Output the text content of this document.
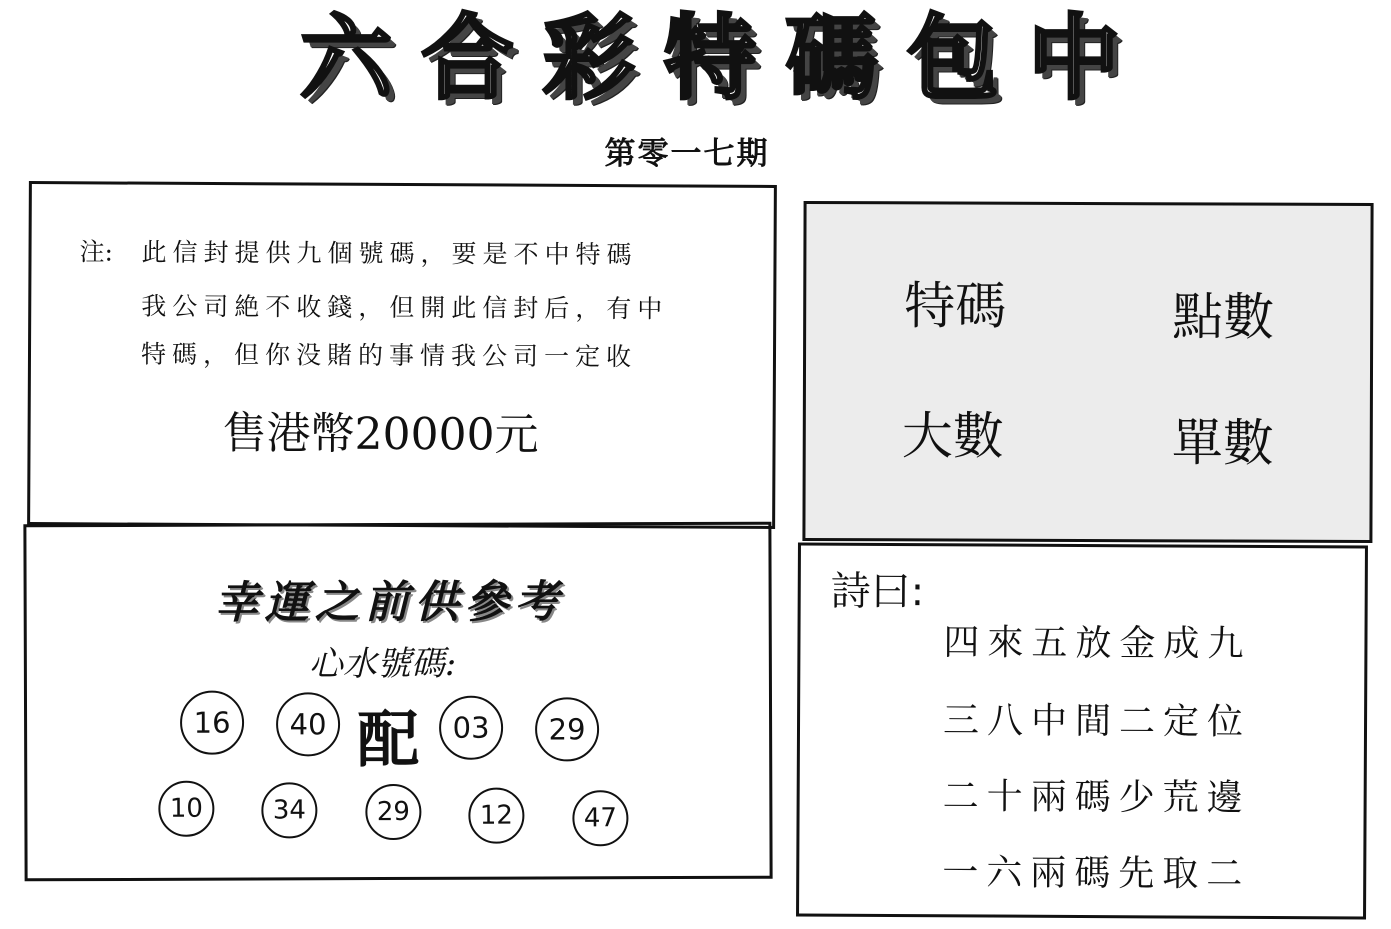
六 合 彩 特 碼 包 中
第零一七期
注: 此信封提供九個號碼，要是不中特碼
我公司絶不收錢，但開此信封后，有中
特碼，但你没賭的事情我公司一定收
售港幣20000元
特碼	點數
大數	單數
幸運之前供參考
心水號碼:
16	40 配	03	29
10	34	29	12	47
詩曰:
四來五放金成九
三八中間二定位
二十兩碼少荒邊
一六兩碼先取二
